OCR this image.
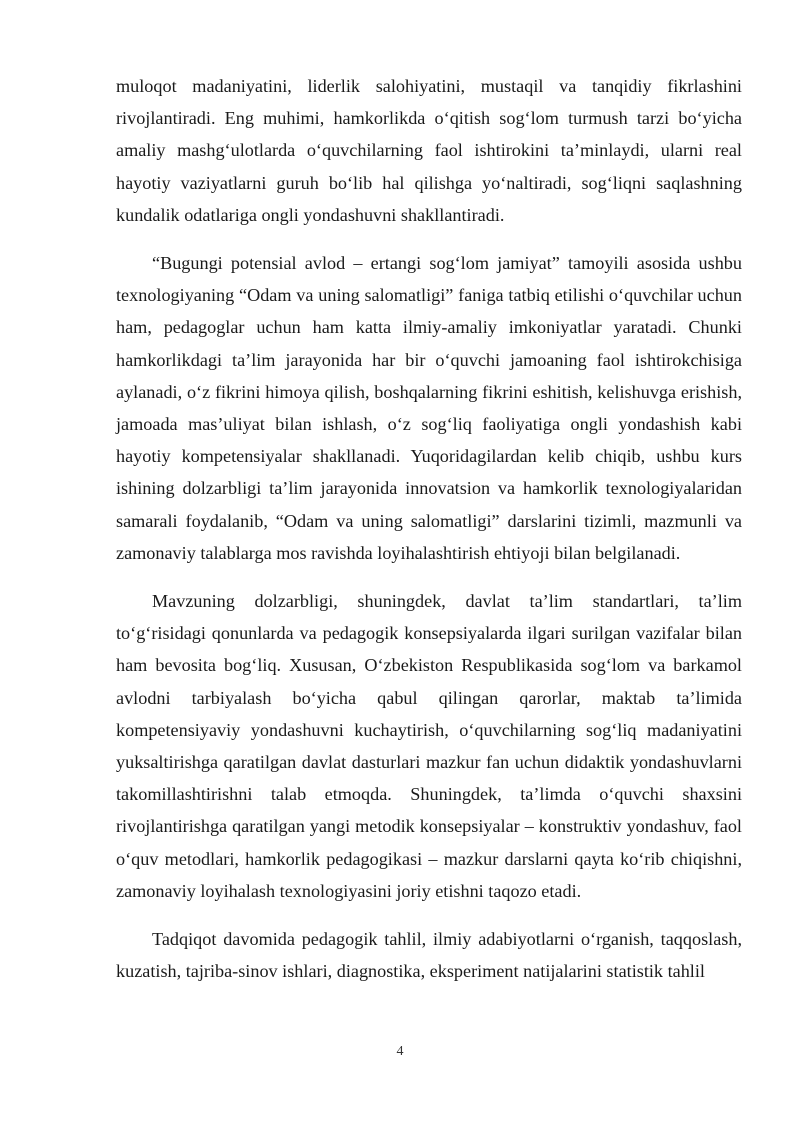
muloqot madaniyatini, liderlik salohiyatini, mustaqil va tanqidiy fikrlashini rivojlantiradi. Eng muhimi, hamkorlikda o‘qitish sog‘lom turmush tarzi bo‘yicha amaliy mashg‘ulotlarda o‘quvchilarning faol ishtirokini ta’minlaydi, ularni real hayotiy vaziyatlarni guruh bo‘lib hal qilishga yo‘naltiradi, sog‘liqni saqlashning kundalik odatlariga ongli yondashuvni shakllantiradi.

“Bugungi potensial avlod – ertangi sog‘lom jamiyat” tamoyili asosida ushbu texnologiyaning “Odam va uning salomatligi” faniga tatbiq etilishi o‘quvchilar uchun ham, pedagoglar uchun ham katta ilmiy-amaliy imkoniyatlar yaratadi. Chunki hamkorlikdagi ta’lim jarayonida har bir o‘quvchi jamoaning faol ishtirokchisiga aylanadi, o‘z fikrini himoya qilish, boshqalarning fikrini eshitish, kelishuvga erishish, jamoada mas’uliyat bilan ishlash, o‘z sog‘liq faoliyatiga ongli yondashish kabi hayotiy kompetensiyalar shakllanadi. Yuqoridagilardan kelib chiqib, ushbu kurs ishining dolzarbligi ta’lim jarayonida innovatsion va hamkorlik texnologiyalaridan samarali foydalanib, “Odam va uning salomatligi” darslarini tizimli, mazmunli va zamonaviy talablarga mos ravishda loyihalashtirish ehtiyoji bilan belgilanadi.

Mavzuning dolzarbligi, shuningdek, davlat ta’lim standartlari, ta’lim to‘g‘risidagi qonunlarda va pedagogik konsepsiyalarda ilgari surilgan vazifalar bilan ham bevosita bog‘liq. Xususan, O‘zbekiston Respublikasida sog‘lom va barkamol avlodni tarbiyalash bo‘yicha qabul qilingan qarorlar, maktab ta’limida kompetensiyaviy yondashuvni kuchaytirish, o‘quvchilarning sog‘liq madaniyatini yuksaltirishga qaratilgan davlat dasturlari mazkur fan uchun didaktik yondashuvlarni takomillashtirishni talab etmoqda. Shuningdek, ta’limda o‘quvchi shaxsini rivojlantirishga qaratilgan yangi metodik konsepsiyalar – konstruktiv yondashuv, faol o‘quv metodlari, hamkorlik pedagogikasi – mazkur darslarni qayta ko‘rib chiqishni, zamonaviy loyihalash texnologiyasini joriy etishni taqozo etadi.

Tadqiqot davomida pedagogik tahlil, ilmiy adabiyotlarni o‘rganish, taqqoslash, kuzatish, tajriba-sinov ishlari, diagnostika, eksperiment natijalarini statistik tahlil

4
